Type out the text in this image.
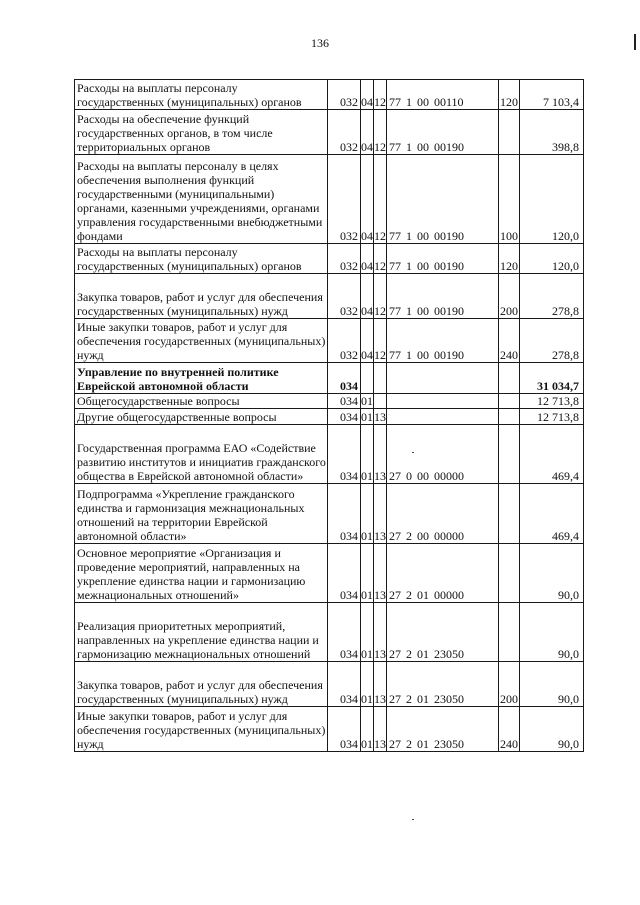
136
Расходы на выплаты персоналу государственных (муниципальных) органов	032	04	12	77 1 00 00110	120	7 103,4
Расходы на обеспечение функций государственных органов, в том числе территориальных органов	032	04	12	77 1 00 00190		398,8
Расходы на выплаты персоналу в целях обеспечения выполнения функций государственными (муниципальными) органами, казенными учреждениями, органами управления государственными внебюджетными фондами	032	04	12	77 1 00 00190	100	120,0
Расходы на выплаты персоналу государственных (муниципальных) органов	032	04	12	77 1 00 00190	120	120,0
Закупка товаров, работ и услуг для обеспечения государственных (муниципальных) нужд	032	04	12	77 1 00 00190	200	278,8
Иные закупки товаров, работ и услуг для обеспечения государственных (муниципальных) нужд	032	04	12	77 1 00 00190	240	278,8
Управление по внутренней политике Еврейской автономной области	034					31 034,7
Общегосударственные вопросы	034	01				12 713,8
Другие общегосударственные вопросы	034	01	13			12 713,8
Государственная программа ЕАО «Содействие развитию институтов и инициатив гражданского общества в Еврейской автономной области»	034	01	13	27 0 00 00000		469,4
Подпрограмма «Укрепление гражданского единства и гармонизация межнациональных отношений на территории Еврейской автономной области»	034	01	13	27 2 00 00000		469,4
Основное мероприятие «Организация и проведение мероприятий, направленных на укрепление единства нации и гармонизацию межнациональных отношений»	034	01	13	27 2 01 00000		90,0
Реализация приоритетных мероприятий, направленных на укрепление единства нации и гармонизацию межнациональных отношений	034	01	13	27 2 01 23050		90,0
Закупка товаров, работ и услуг для обеспечения государственных (муниципальных) нужд	034	01	13	27 2 01 23050	200	90,0
Иные закупки товаров, работ и услуг для обеспечения государственных (муниципальных) нужд	034	01	13	27 2 01 23050	240	90,0
